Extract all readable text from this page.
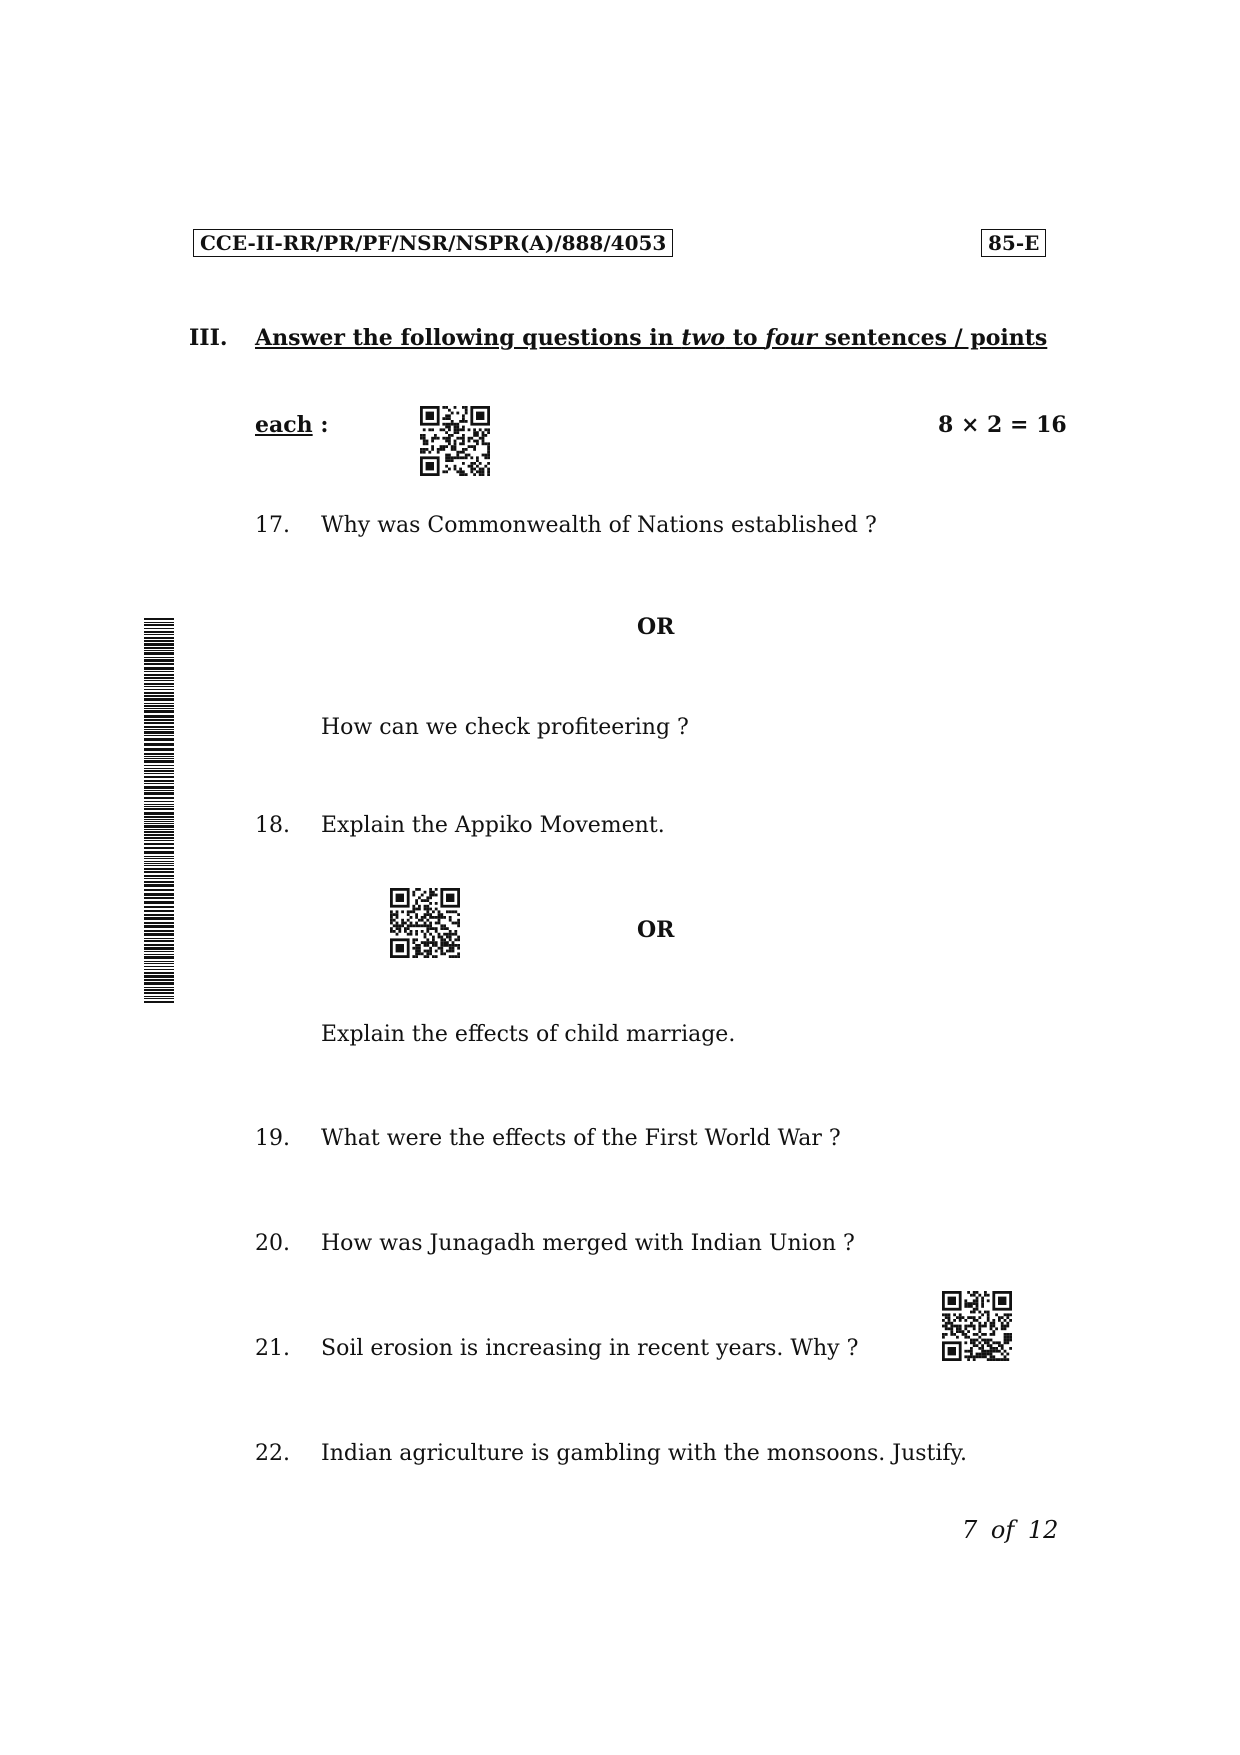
CCE-II-RR/PR/PF/NSR/NSPR(A)/888/4053	85-E
III. Answer the following questions in two to four sentences / points
each :	8 × 2 = 16
17. Why was Commonwealth of Nations established ?
OR
How can we check profiteering ?
18. Explain the Appiko Movement.
OR
Explain the effects of child marriage.
19. What were the effects of the First World War ?
20. How was Junagadh merged with Indian Union ?
21. Soil erosion is increasing in recent years. Why ?
22. Indian agriculture is gambling with the monsoons. Justify.
7 of 12
